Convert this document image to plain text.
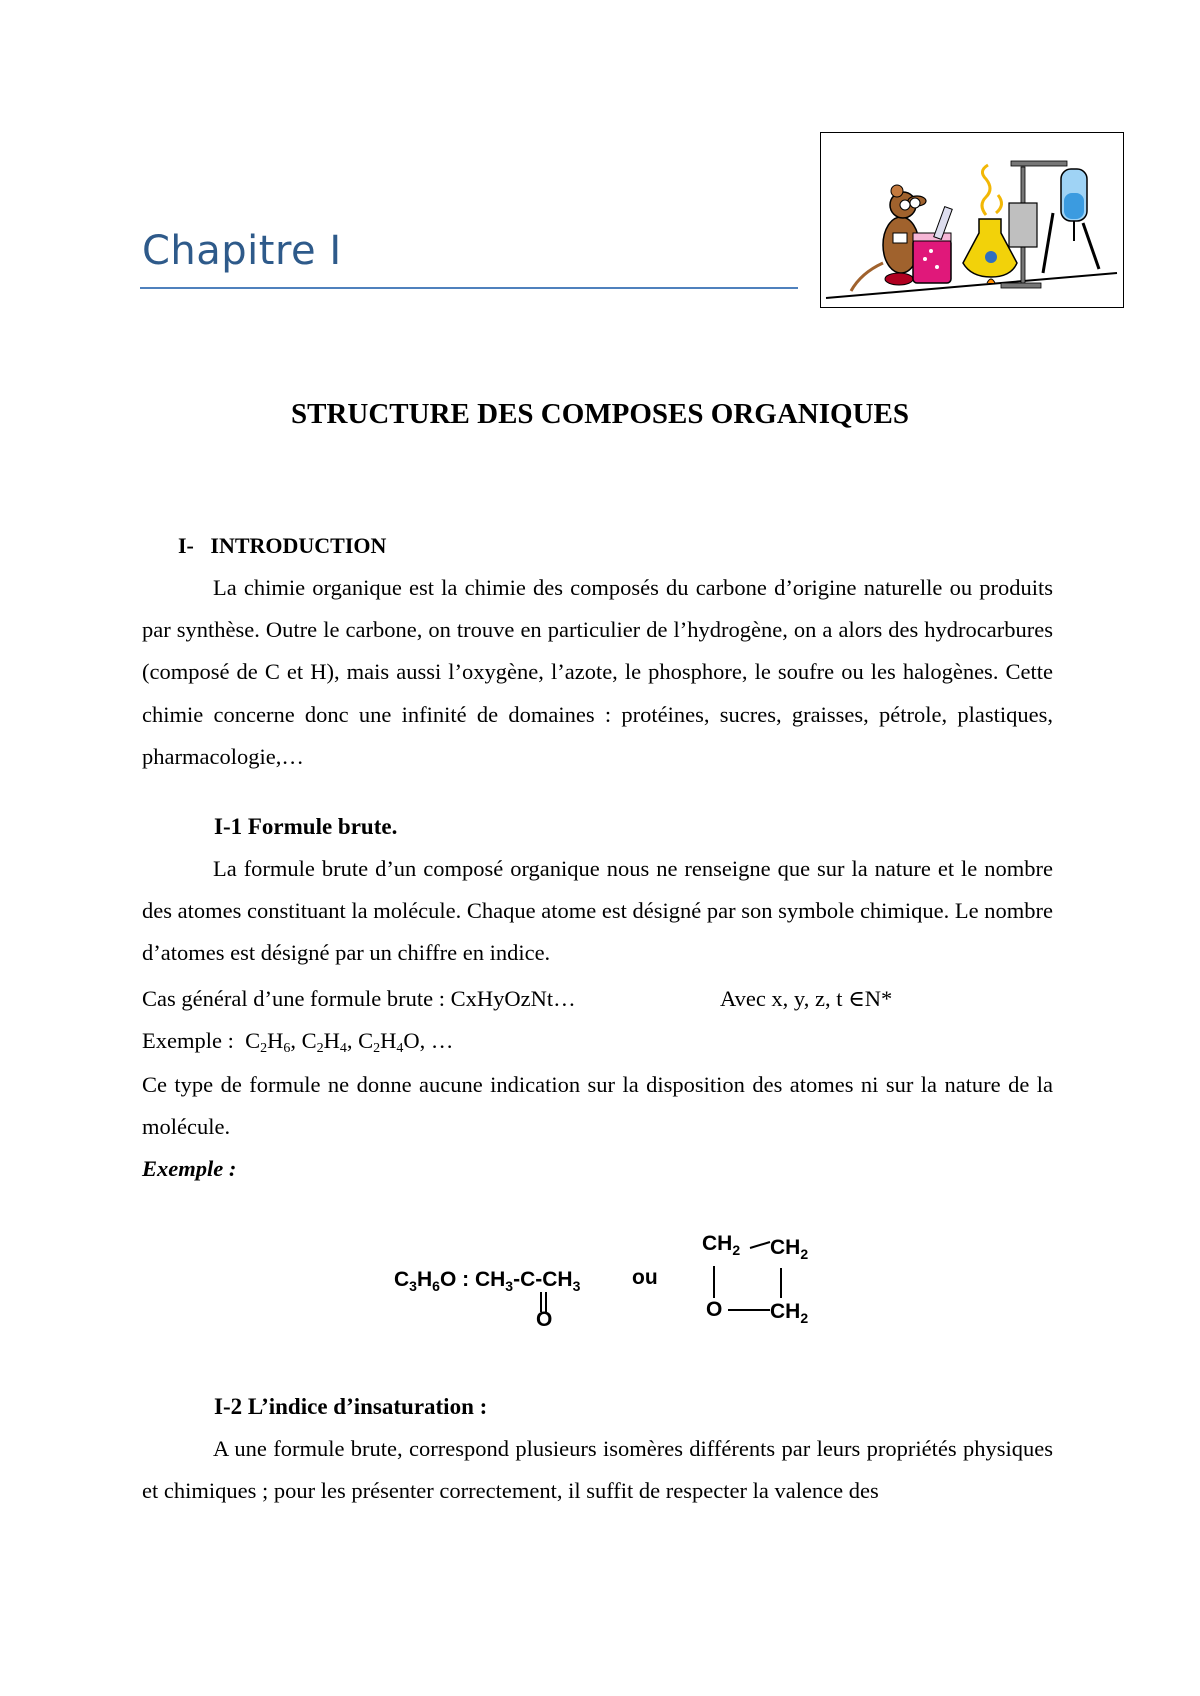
Chapitre I
STRUCTURE DES COMPOSES ORGANIQUES
I-   INTRODUCTION
La chimie organique est la chimie des composés du carbone d’origine naturelle ou produits par synthèse. Outre le carbone, on trouve en particulier de l’hydrogène, on a alors des hydrocarbures (composé de C et H), mais aussi l’oxygène, l’azote, le phosphore, le soufre ou les halogènes. Cette chimie concerne donc une infinité de domaines : protéines, sucres, graisses, pétrole, plastiques, pharmacologie,…
I-1 Formule brute.
La formule brute d’un composé organique nous ne renseigne que sur la nature et le nombre des atomes constituant la molécule. Chaque atome est désigné par son symbole chimique. Le nombre d’atomes est désigné par un chiffre en indice.
Cas général d’une formule brute : CxHyOzNt…	Avec x, y, z, t ∈N*
Exemple :  $C_2H_6$, $C_2H_4$, $C_2H_4O$, …
Ce type de formule ne donne aucune indication sur la disposition des atomes ni sur la nature de la molécule.
Exemple :
$C_3H_6O$ : $CH_3-C-CH_3$
O
ou
$CH_2$ $CH_2$
O $CH_2$
I-2 L’indice d’insaturation :
A une formule brute, correspond plusieurs isomères différents par leurs propriétés physiques et chimiques ; pour les présenter correctement, il suffit de respecter la valence des
